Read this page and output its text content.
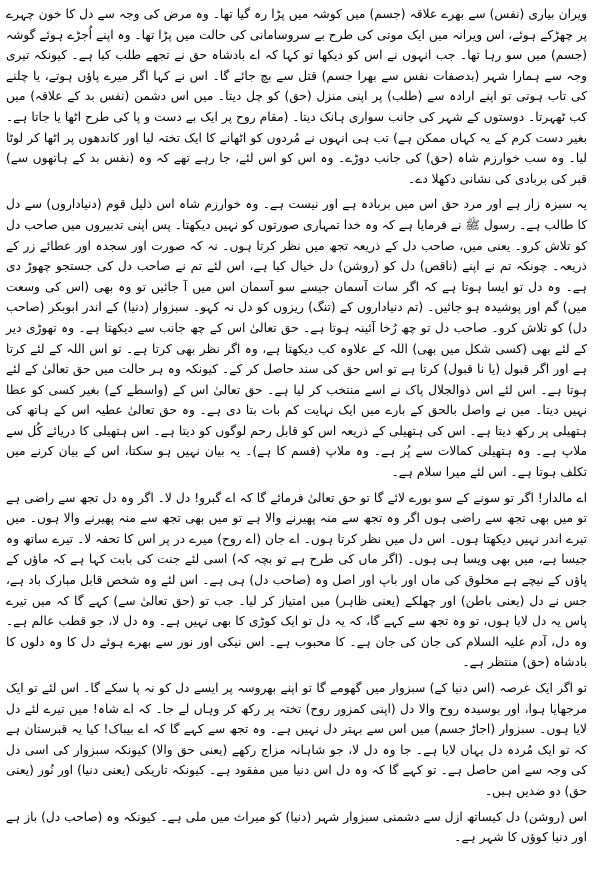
ویران بیاری (نفس) سے بھرے علاقہ (جسم) میں کوشہ میں پڑا رہ گیا تھا۔ وہ مرض کی وجہ سے دل کا خون چہرے پر چھڑکے ہوئے، اس ویرانہ میں ایک موتی کی طرح بے سروسامانی کی حالت میں پڑا تھا۔ وہ اپنے اُجڑے ہوئے گوشہ (جسم) میں سو رہا تھا۔ جب انہوں نے اس کو دیکھا تو کہا کہ اے بادشاہ حق نے تجھے طلب کیا ہے۔ کیونکہ تیری وجہ سے ہمارا شہر (بدصفات نفس سے بھرا جسم) قتل سے بچ جائے گا۔ اس نے کہا اگر میرے پاؤں ہوتے، یا چلنے کی تاب ہوتی تو اپنے ارادہ سے (طلب) پر اپنی منزل (حق) کو چل دیتا۔ میں اس دشمن (نفس بد کے علاقہ) میں کب ٹھہرتا۔ دوستوں کے شہر کی جانب سواری ہانک دیتا۔ (مقام روح پر ایک بے دست و پا کی طرح اٹھا یا جاتا ہے۔ بغیر دست کرم کے یہ کہاں ممکن ہے) تب ہی انہوں نے مُردوں کو اٹھانے کا ایک تختہ لیا اور کاندھوں پر اٹھا کر لوٹا لیا۔ وہ سب خوارزم شاہ (حق) کی جانب دوڑے۔ وہ اس کو اس لئے، جا رہے تھے کہ وہ (نفس بد کے ہاتھوں سے) قبر کی بربادی کی نشانی دکھلا دے۔

یہ سبزہ زار ہے اور مرد حق اس میں بربادہ ہے اور نیست ہے۔ وہ خوارزم شاہ اس ذلیل قوم (دنیاداروں) سے دل کا طالب ہے۔ رسول ﷺ نے فرمایا ہے کہ وہ خدا تمہاری صورتوں کو نہیں دیکھتا۔ پس اپنی تدبیروں میں صاحب دل کو تلاش کرو۔ یعنی میں، صاحب دل کے ذریعہ تجھ میں نظر کرتا ہوں۔ نہ کہ صورت اور سجدہ اور عطائے زر کے ذریعہ۔ چونکہ تم نے اپنے (ناقص) دل کو (روشن) دل خیال کیا ہے، اس لئے تم نے صاحب دل کی جستجو چھوڑ دی ہے۔ وہ دل تو ایسا ہوتا ہے کہ اگر سات آسمان جیسے سو آسمان اس میں آ جائیں تو وہ بھی (اس کی وسعت میں) گم اور پوشیدہ ہو جائیں۔ (تم دنیاداروں کے (تنگ) ریزوں کو دل نہ کہو۔ سبزوار (دنیا) کے اندر ابوبکر (صاحب دل) کو تلاش کرو۔ صاحب دل تو چھ رُخا آئینہ ہوتا ہے۔ حق تعالیٰ اس کے چھ جانب سے دیکھتا ہے۔ وہ تھوڑی دیر کے لئے بھی (کسی شکل میں بھی) اللہ کے علاوہ کب دیکھتا ہے، وہ اگر نظر بھی کرتا ہے۔ تو اس اللہ کے لئے کرتا ہے اور اگر قبول (یا نا قبول) کرتا ہے تو اس حق کی سند حاصل کر کے۔ کیونکہ وہ ہر حالت میں حق تعالیٰ کے لئے ہوتا ہے۔ اس لئے اس ذوالجلال پاک نے اسے منتخب کر لیا ہے۔ حق تعالیٰ اس کے (واسطے کے) بغیر کسی کو عطا نہیں دیتا۔ میں نے واصل بالحق کے بارے میں ایک نہایت کم بات بتا دی ہے۔ وہ حق تعالیٰ عطیہ اس کے ہاتھ کی ہتھیلی پر رکھ دیتا ہے۔ اس کی ہتھیلی کے ذریعہ اس کو قابل رحم لوگوں کو دیتا ہے۔ اس ہتھیلی کا دریائے کُل سے ملاپ ہے۔ وہ ہتھیلی کمالات سے پُر ہے۔ وہ ملاپ (قسم کا ہے)۔ یہ بیان نہیں ہو سکتا، اس کے بیان کرنے میں تکلف ہوتا ہے۔ اس لئے میرا سلام ہے۔

اے مالدار! اگر تو سونے کے سو بورے لائے گا تو حق تعالیٰ فرمائے گا کہ اے گبرو! دل لا۔ اگر وہ دل تجھ سے راضی ہے تو میں بھی تجھ سے راضی ہوں اگر وہ تجھ سے منہ پھیرنے والا ہے تو میں بھی تجھ سے منہ پھیرنے والا ہوں۔ میں تیرے اندر نہیں دیکھتا ہوں۔ اس دل میں نظر کرتا ہوں۔ اے جان (اے روح) میرے در پر اس کا تحفہ لا۔ تیرے ساتھ وہ جیسا ہے، میں بھی ویسا ہی ہوں۔ (اگر ماں کی طرح ہے تو بچہ کہ) اسی لئے جنت کی بابت کہا ہے کہ ماؤں کے پاؤں کے نیچے ہے مخلوق کی ماں اور باپ اور اصل وہ (صاحب دل) ہی ہے۔ اس لئے وہ شخص قابل مبارک باد ہے، جس نے دل (یعنی باطن) اور چھلکے (یعنی ظاہر) میں امتیاز کر لیا۔ جب تو (حق تعالیٰ سے) کہے گا کہ میں تیرے پاس یہ دل لایا ہوں، تو وہ تجھ سے کہے گا، کہ یہ دل تو ایک کوڑی کا بھی نہیں ہے۔ وہ دل لا، جو قطب عالم ہے۔ وہ دل، آدم علیہ السلام کی جان کی جان ہے۔ کا محبوب ہے۔ اس نیکی اور نور سے بھرے ہوئے دل کا وہ دلوں کا بادشاہ (حق) منتظر ہے۔

تو اگر ایک عرصہ (اس دنیا کے) سبزوار میں گھومے گا تو اپنے بھروسہ پر ایسے دل کو نہ پا سکے گا۔ اس لئے تو ایک مرجھایا ہوا، اور بوسیدہ روح والا دل (اپنی کمزور روح) تختہ پر رکھ کر وہاں لے جا۔ کہ اے شاہ! میں تیرے لئے دل لایا ہوں۔ سبزوار (اجاڑ جسم) میں اس سے بہتر دل نہیں ہے۔ وہ تجھ سے کہے گا کہ اے بیباک! کیا یہ قبرستان ہے کہ تو ایک مُردہ دل یہاں لایا ہے۔ جا وہ دل لا، جو شاہانہ مزاج رکھے (یعنی حق والا) کیونکہ سبزوار کی اسی دل کی وجہ سے امن حاصل ہے۔ تو کہے گا کہ وہ دل اس دنیا میں مفقود ہے۔ کیونکہ تاریکی (یعنی دنیا) اور نُور (یعنی حق) دو ضدیں ہیں۔

اس (روشن) دل کیساتھ ازل سے دشمنی سبزوار شہر (دنیا) کو میراث میں ملی ہے۔ کیونکہ وہ (صاحب دل) باز ہے اور دنیا کوؤں کا شہر ہے۔
